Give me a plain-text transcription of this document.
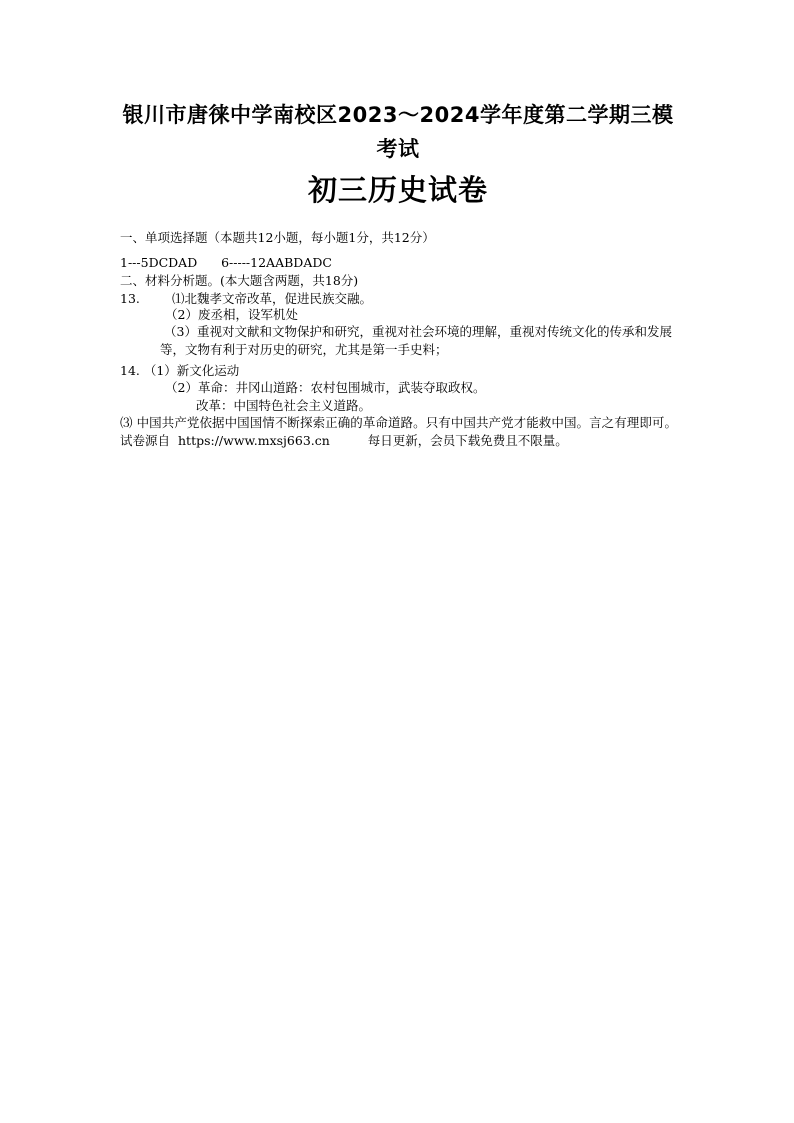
银川市唐徕中学南校区2023～2024学年度第二学期三模考试
初三历史试卷
一、单项选择题（本题共12小题，每小题1分，共12分）
1---5DCDAD      6-----12AABDADC
二、材料分析题。(本大题含两题，共18分)
13.	⑴北魏孝文帝改革，促进民族交融。
（2）废丞相，设军机处
（3）重视对文献和文物保护和研究，重视对社会环境的理解，重视对传统文化的传承和发展等，文物有利于对历史的研究，尤其是第一手史料；
14. （1）新文化运动
（2）革命：井冈山道路：农村包围城市，武装夺取政权。
改革：中国特色社会主义道路。
⑶ 中国共产党依据中国国情不断探索正确的革命道路。只有中国共产党才能救中国。言之有理即可。试卷源自 https://www.mxsj663.cn	每日更新，会员下载免费且不限量。
